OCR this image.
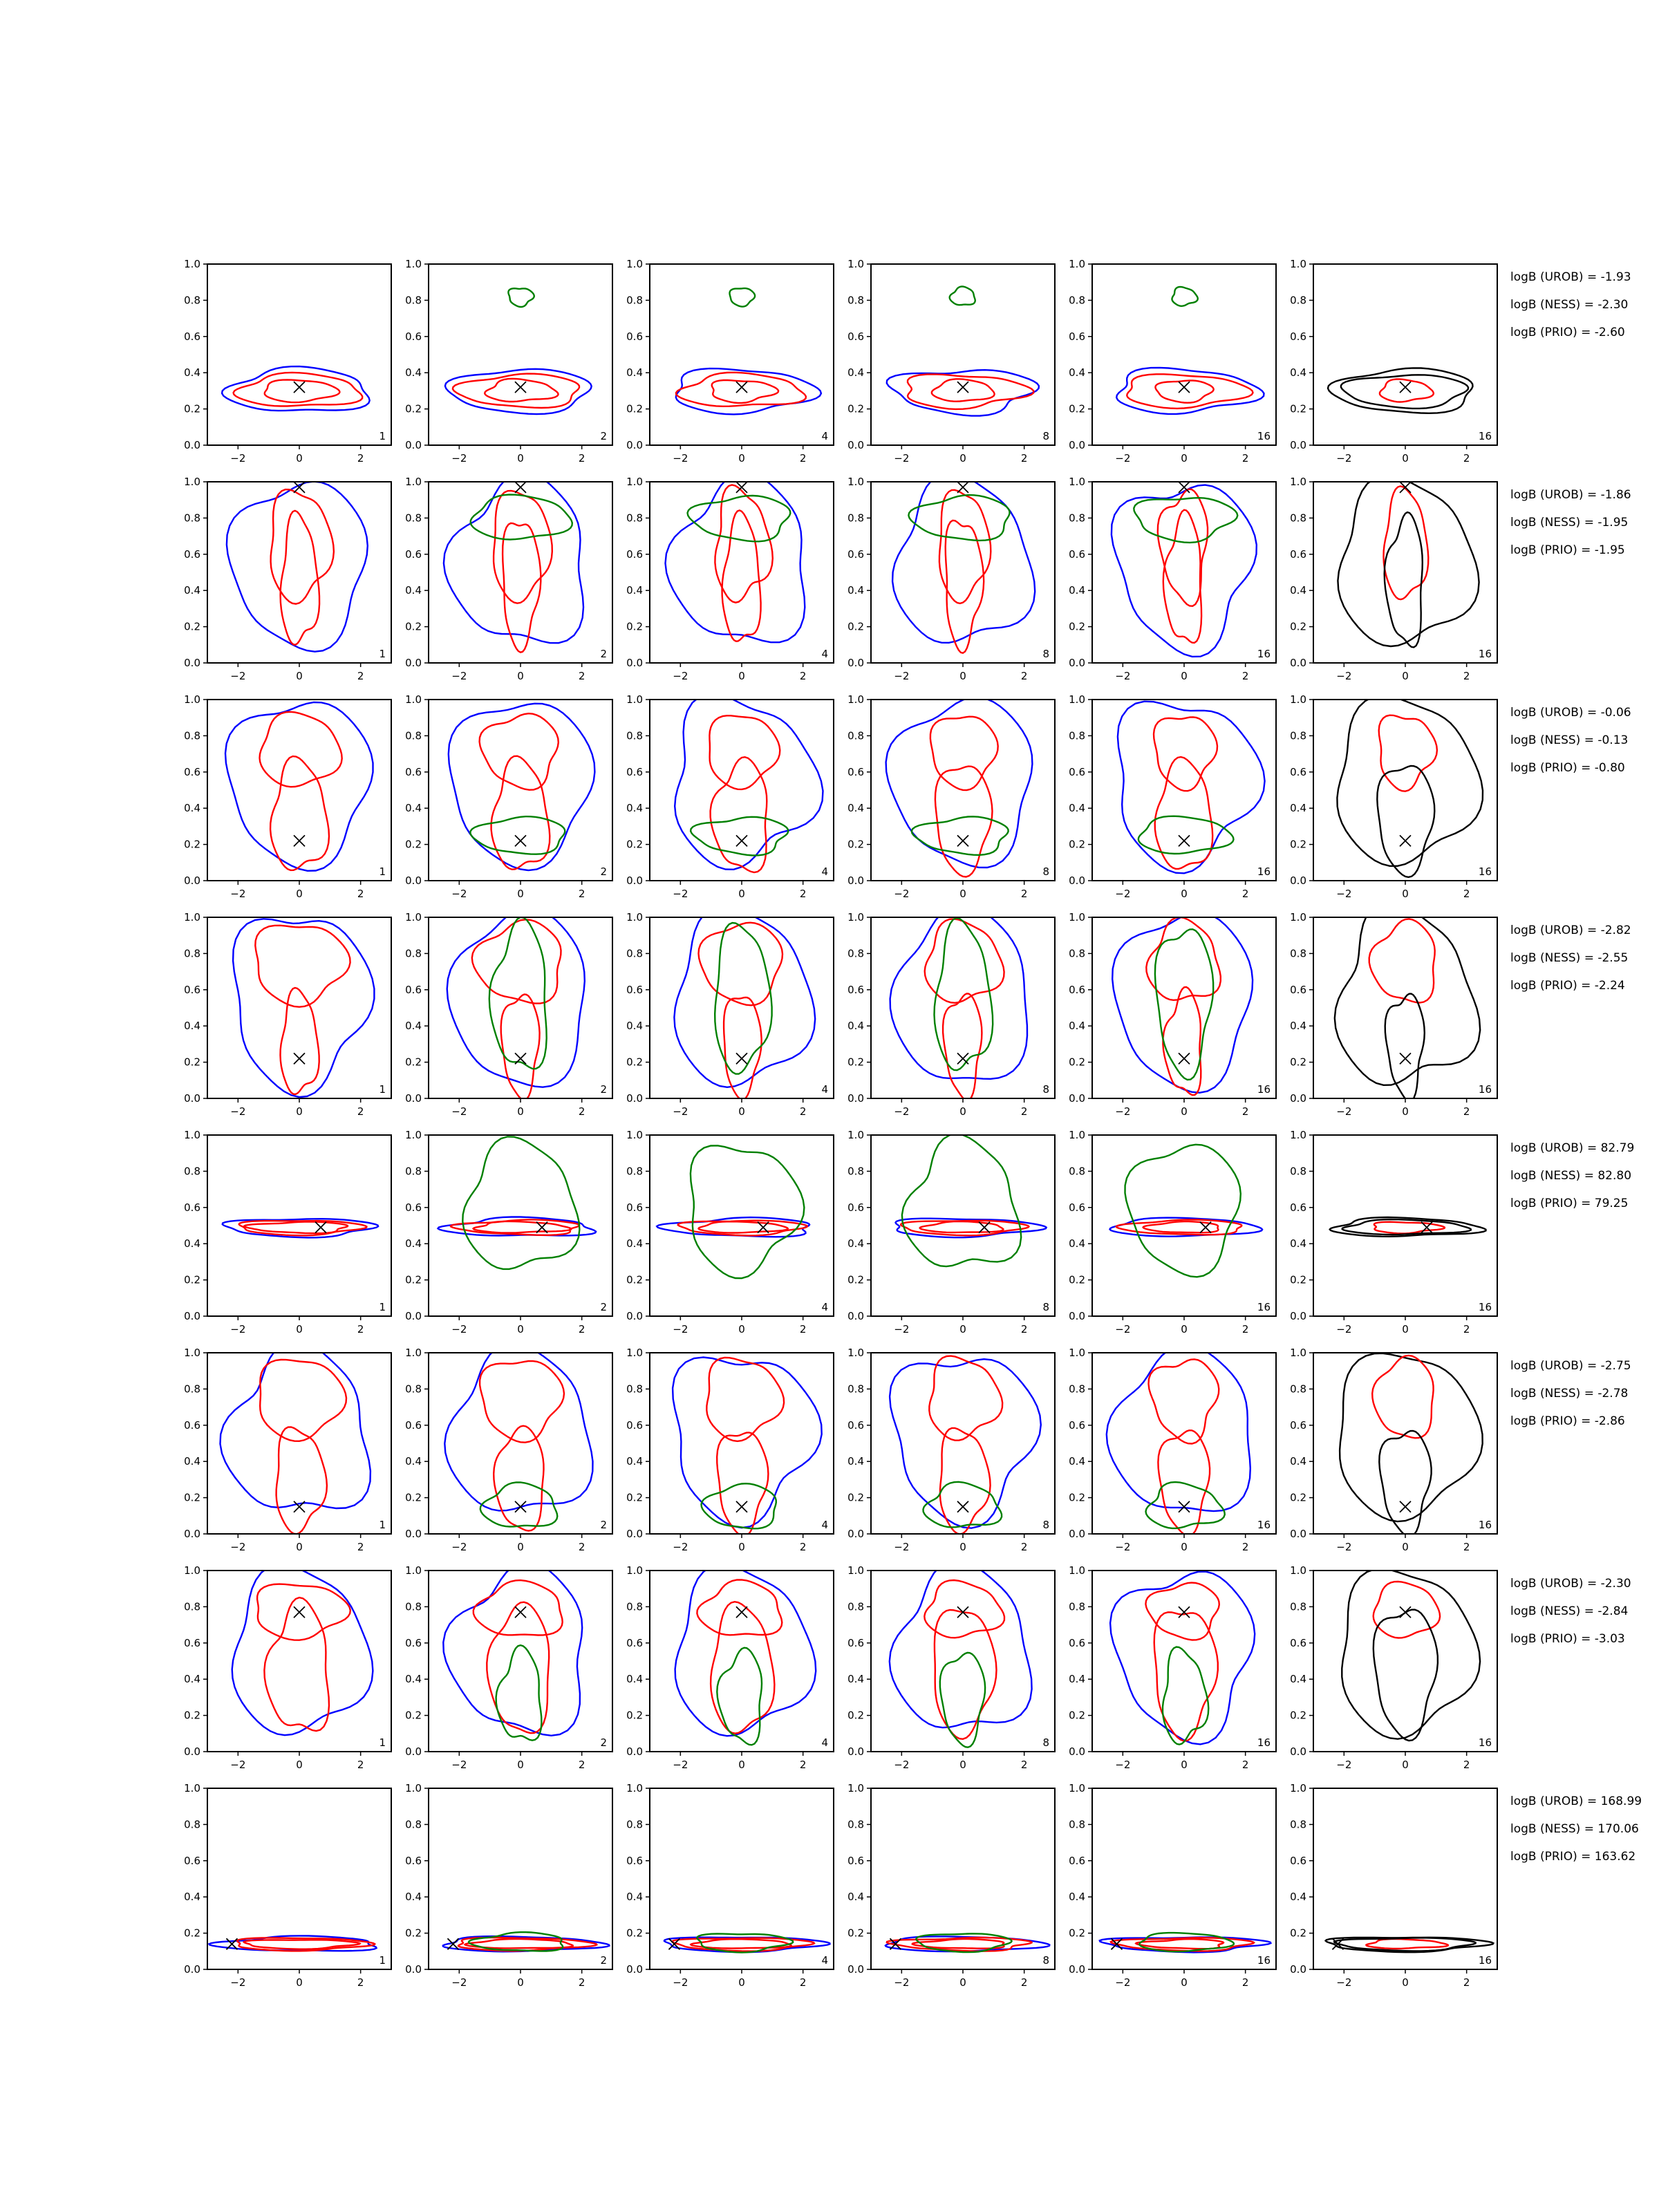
0.0
0.2
0.4
0.6
0.8
1.0
−2	0	2
1
0.0
0.2
0.4
0.6
0.8
1.0
−2	0	2
2
0.0
0.2
0.4
0.6
0.8
1.0
−2	0	2
4
0.0
0.2
0.4
0.6
0.8
1.0
−2	0	2
8
0.0
0.2
0.4
0.6
0.8
1.0
−2	0	2
16
0.0
0.2
0.4
0.6
0.8
1.0
−2	0	2
16
logB (UROB) = -1.93
logB (NESS) = -2.30
logB (PRIO) = -2.60
0.0
0.2
0.4
0.6
0.8
1.0
−2	0	2
1
0.0
0.2
0.4
0.6
0.8
1.0
−2	0	2
2
0.0
0.2
0.4
0.6
0.8
1.0
−2	0	2
4
0.0
0.2
0.4
0.6
0.8
1.0
−2	0	2
8
0.0
0.2
0.4
0.6
0.8
1.0
−2	0	2
16
0.0
0.2
0.4
0.6
0.8
1.0
−2	0	2
16
logB (UROB) = -1.86
logB (NESS) = -1.95
logB (PRIO) = -1.95
0.0
0.2
0.4
0.6
0.8
1.0
−2	0	2
1
0.0
0.2
0.4
0.6
0.8
1.0
−2	0	2
2
0.0
0.2
0.4
0.6
0.8
1.0
−2	0	2
4
0.0
0.2
0.4
0.6
0.8
1.0
−2	0	2
8
0.0
0.2
0.4
0.6
0.8
1.0
−2	0	2
16
0.0
0.2
0.4
0.6
0.8
1.0
−2	0	2
16
logB (UROB) = -0.06
logB (NESS) = -0.13
logB (PRIO) = -0.80
0.0
0.2
0.4
0.6
0.8
1.0
−2	0	2
1
0.0
0.2
0.4
0.6
0.8
1.0
−2	0	2
2
0.0
0.2
0.4
0.6
0.8
1.0
−2	0	2
4
0.0
0.2
0.4
0.6
0.8
1.0
−2	0	2
8
0.0
0.2
0.4
0.6
0.8
1.0
−2	0	2
16
0.0
0.2
0.4
0.6
0.8
1.0
−2	0	2
16
logB (UROB) = -2.82
logB (NESS) = -2.55
logB (PRIO) = -2.24
0.0
0.2
0.4
0.6
0.8
1.0
−2	0	2
1
0.0
0.2
0.4
0.6
0.8
1.0
−2	0	2
2
0.0
0.2
0.4
0.6
0.8
1.0
−2	0	2
4
0.0
0.2
0.4
0.6
0.8
1.0
−2	0	2
8
0.0
0.2
0.4
0.6
0.8
1.0
−2	0	2
16
0.0
0.2
0.4
0.6
0.8
1.0
−2	0	2
16
logB (UROB) = 82.79
logB (NESS) = 82.80
logB (PRIO) = 79.25
0.0
0.2
0.4
0.6
0.8
1.0
−2	0	2
1
0.0
0.2
0.4
0.6
0.8
1.0
−2	0	2
2
0.0
0.2
0.4
0.6
0.8
1.0
−2	0	2
4
0.0
0.2
0.4
0.6
0.8
1.0
−2	0	2
8
0.0
0.2
0.4
0.6
0.8
1.0
−2	0	2
16
0.0
0.2
0.4
0.6
0.8
1.0
−2	0	2
16
logB (UROB) = -2.75
logB (NESS) = -2.78
logB (PRIO) = -2.86
0.0
0.2
0.4
0.6
0.8
1.0
−2	0	2
1
0.0
0.2
0.4
0.6
0.8
1.0
−2	0	2
2
0.0
0.2
0.4
0.6
0.8
1.0
−2	0	2
4
0.0
0.2
0.4
0.6
0.8
1.0
−2	0	2
8
0.0
0.2
0.4
0.6
0.8
1.0
−2	0	2
16
0.0
0.2
0.4
0.6
0.8
1.0
−2	0	2
16
logB (UROB) = -2.30
logB (NESS) = -2.84
logB (PRIO) = -3.03
0.0
0.2
0.4
0.6
0.8
1.0
−2	0	2
1
0.0
0.2
0.4
0.6
0.8
1.0
−2	0	2
2
0.0
0.2
0.4
0.6
0.8
1.0
−2	0	2
4
0.0
0.2
0.4
0.6
0.8
1.0
−2	0	2
8
0.0
0.2
0.4
0.6
0.8
1.0
−2	0	2
16
0.0
0.2
0.4
0.6
0.8
1.0
−2	0	2
16
logB (UROB) = 168.99
logB (NESS) = 170.06
logB (PRIO) = 163.62
